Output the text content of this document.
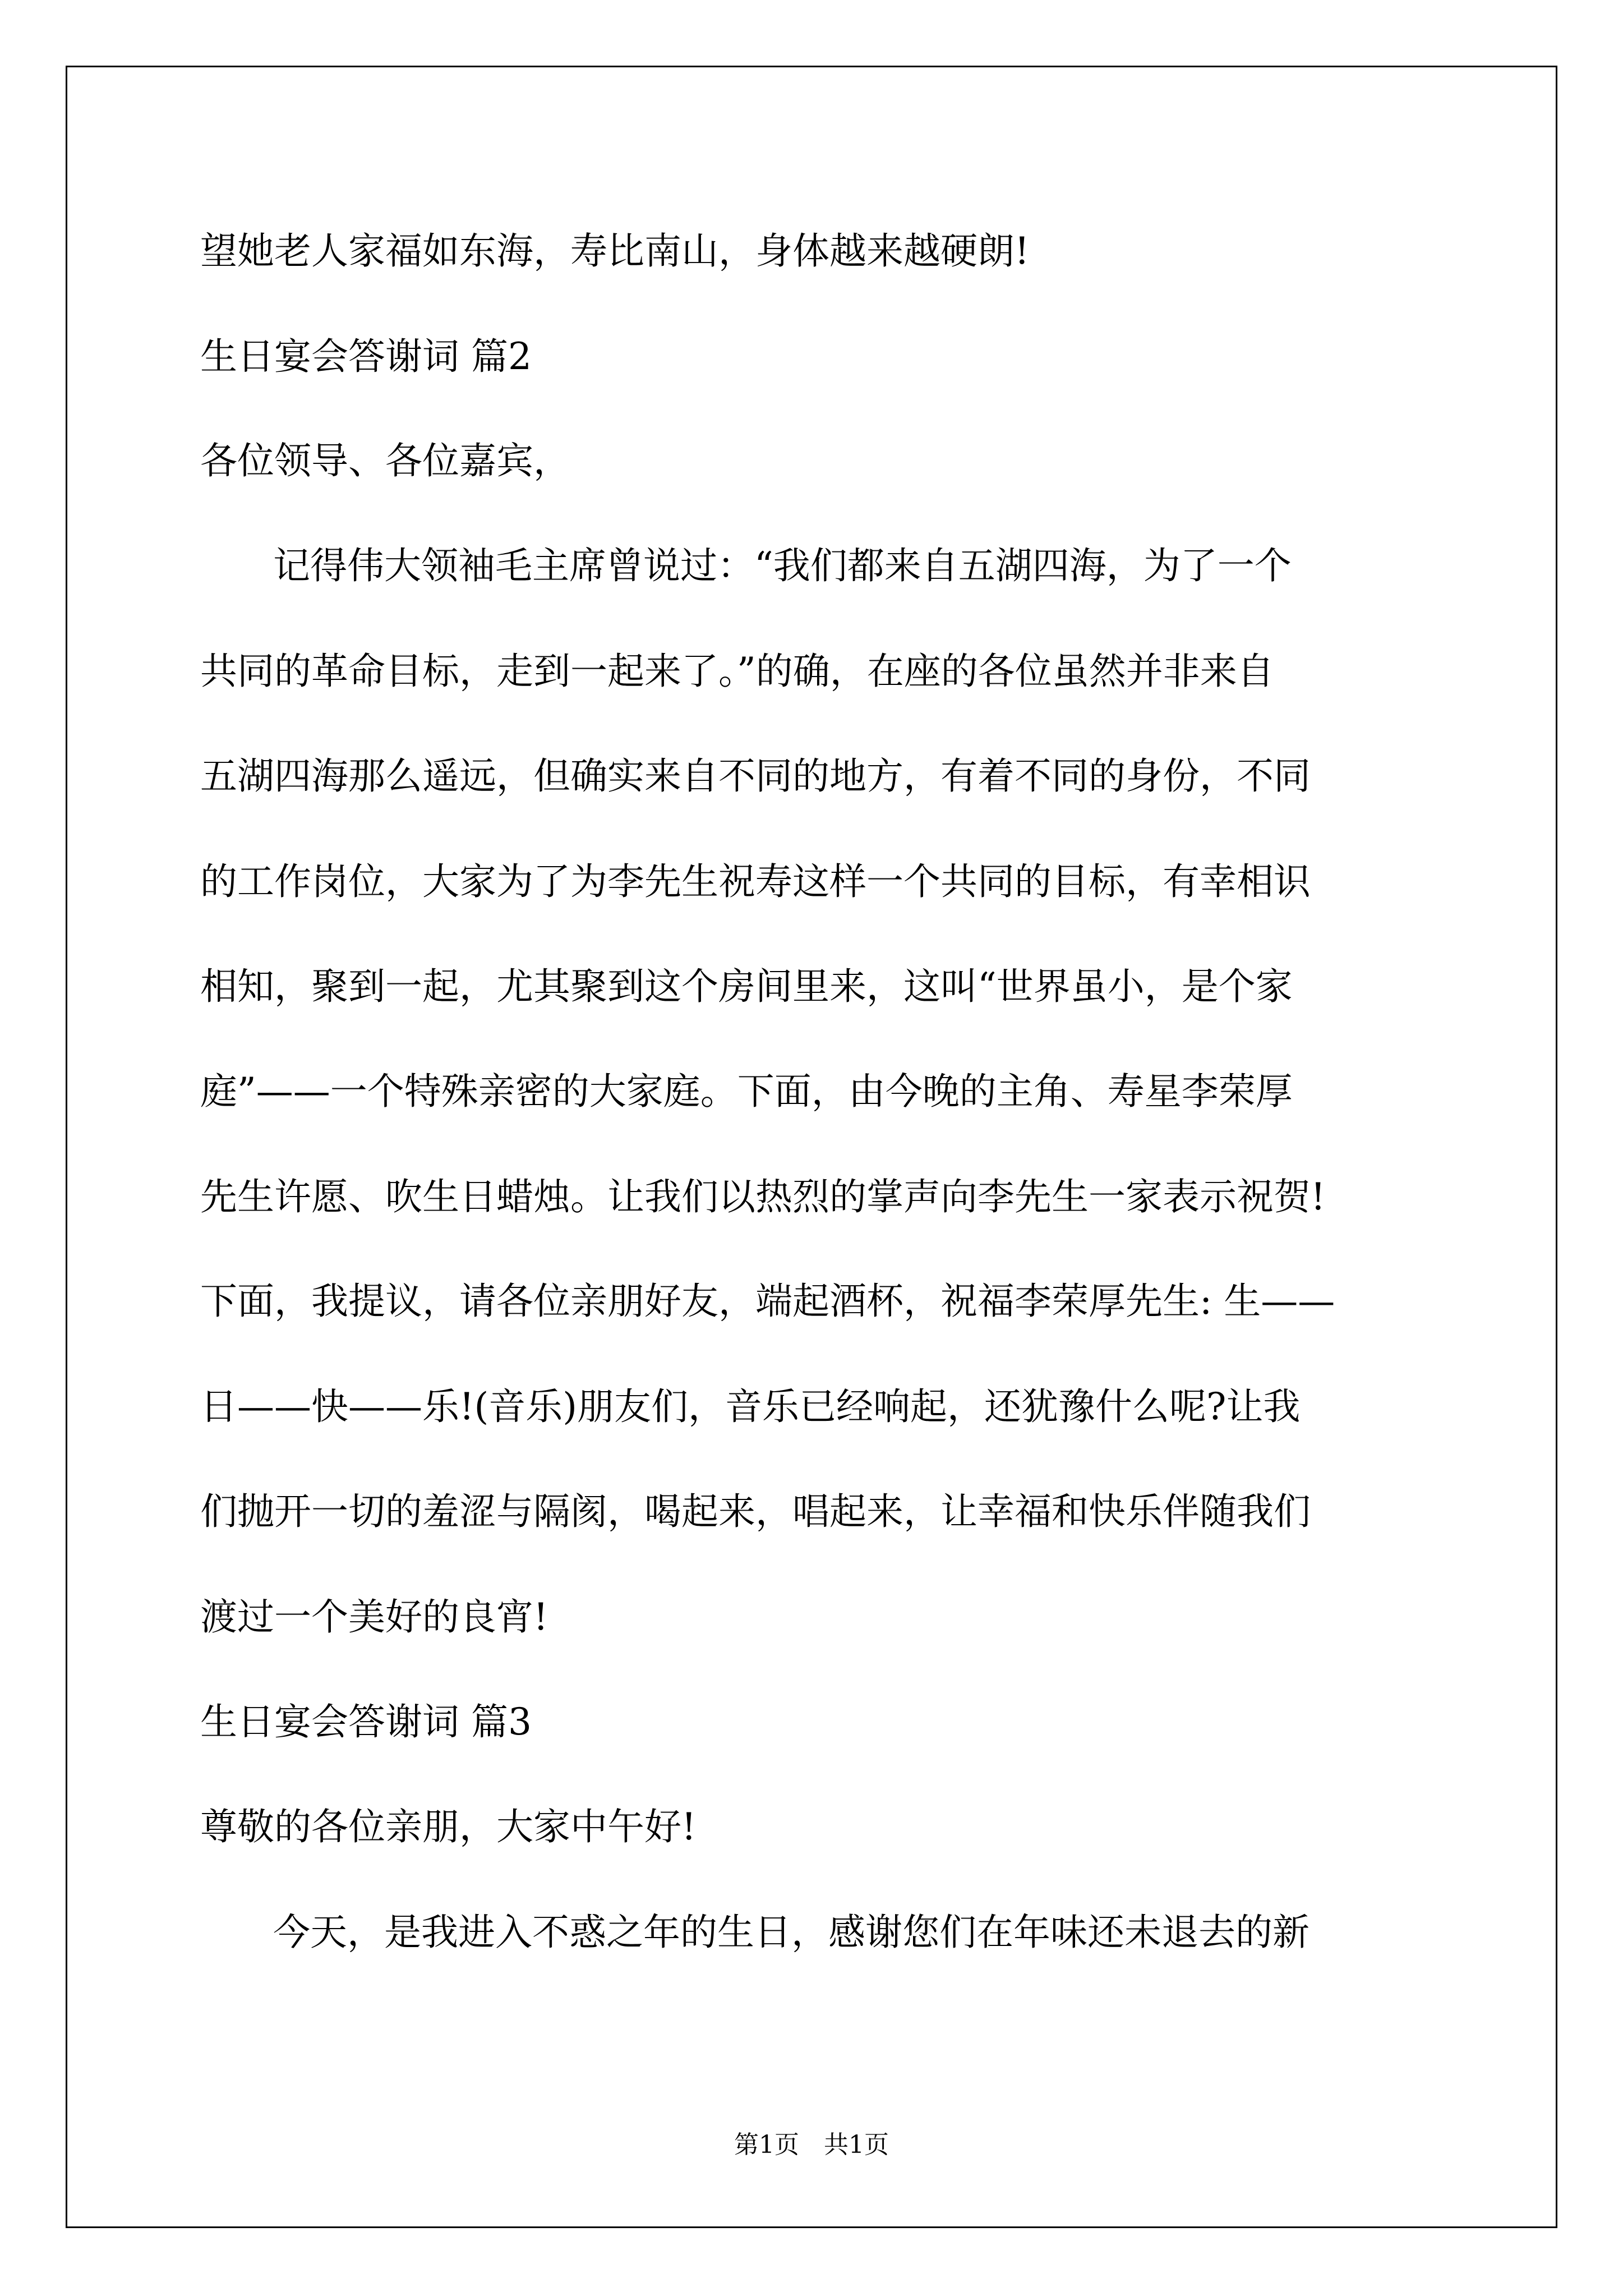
望她老人家福如东海，寿比南山，身体越来越硬朗!
生日宴会答谢词 篇2
各位领导、各位嘉宾，
记得伟大领袖毛主席曾说过：“我们都来自五湖四海，为了一个
共同的革命目标，走到一起来了。”的确，在座的各位虽然并非来自
五湖四海那么遥远，但确实来自不同的地方，有着不同的身份，不同
的工作岗位，大家为了为李先生祝寿这样一个共同的目标，有幸相识
相知，聚到一起，尤其聚到这个房间里来，这叫“世界虽小，是个家
庭”——一个特殊亲密的大家庭。下面，由今晚的主角、寿星李荣厚
先生许愿、吹生日蜡烛。让我们以热烈的掌声向李先生一家表示祝贺!
下面，我提议，请各位亲朋好友，端起酒杯，祝福李荣厚先生: 生——
日——快——乐!(音乐)朋友们，音乐已经响起，还犹豫什么呢?让我
们抛开一切的羞涩与隔阂，喝起来，唱起来，让幸福和快乐伴随我们
渡过一个美好的良宵!
生日宴会答谢词 篇3
尊敬的各位亲朋，大家中午好!
今天，是我进入不惑之年的生日，感谢您们在年味还未退去的新
第1页　共1页
